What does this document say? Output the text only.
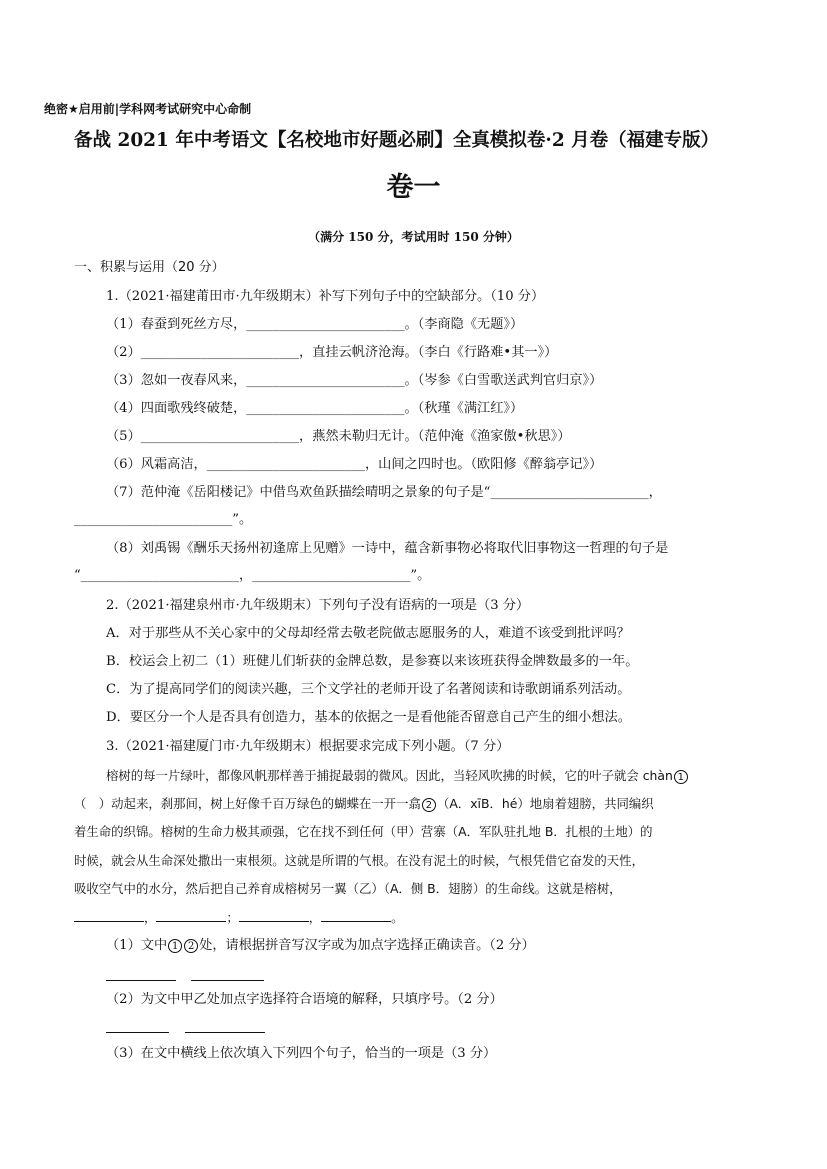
绝密★启用前|学科网考试研究中心命制
备战 2021 年中考语文【名校地市好题必刷】全真模拟卷·2 月卷（福建专版）
卷一
（满分 150 分，考试用时 150 分钟）
一、积累与运用（20 分）
1.（2021·福建莆田市·九年级期末）补写下列句子中的空缺部分。（10 分）
（1）春蚕到死丝方尽，________________________。（李商隐《无题》）
（2）________________________，直挂云帆济沧海。（李白《行路难•其一》）
（3）忽如一夜春风来，________________________。（岑参《白雪歌送武判官归京》）
（4）四面歌残终破楚，________________________。（秋瑾《满江红》）
（5）________________________，燕然未勒归无计。（范仲淹《渔家傲•秋思》）
（6）风霜高洁，________________________，山间之四时也。（欧阳修《醉翁亭记》）
（7）范仲淹《岳阳楼记》中借鸟欢鱼跃描绘晴明之景象的句子是“________________________，
________________________”。
（8）刘禹锡《酬乐天扬州初逢席上见赠》一诗中，蕴含新事物必将取代旧事物这一哲理的句子是
“________________________，________________________”。
2.（2021·福建泉州市·九年级期末）下列句子没有语病的一项是（3 分）
A．对于那些从不关心家中的父母却经常去敬老院做志愿服务的人，难道不该受到批评吗？
B．校运会上初二（1）班健儿们斩获的金牌总数，是参赛以来该班获得金牌数最多的一年。
C．为了提高同学们的阅读兴趣，三个文学社的老师开设了名著阅读和诗歌朗诵系列活动。
D．要区分一个人是否具有创造力，基本的依据之一是看他能否留意自己产生的细小想法。
3.（2021·福建厦门市·九年级期末）根据要求完成下列小题。（7 分）
榕树的每一片绿叶，都像风帆那样善于捕捉最弱的微风。因此，当轻风吹拂的时候，它的叶子就会 chàn 1
（　）动起来，刹那间，树上好像千百万绿色的蝴蝶在一开一翕 2 （A．xīB．hé）地扇着翅膀，共同编织
着生命的织锦。榕树的生命力极其顽强，它在找不到任何（甲）营寨（A．军队驻扎地 B．扎根的土地）的
时候，就会从生命深处撒出一束根须。这就是所谓的气根。在没有泥土的时候，气根凭借它奋发的天性，
吸收空气中的水分，然后把自己养育成榕树另一翼（乙）（A．侧 B．翅膀）的生命线。这就是榕树，
，	；	，	。
（1）文中 1 2 处，请根据拼音写汉字或为加点字选择正确读音。（2 分）
（2）为文中甲乙处加点字选择符合语境的解释，只填序号。（2 分）
（3）在文中横线上依次填入下列四个句子，恰当的一项是（3 分）
